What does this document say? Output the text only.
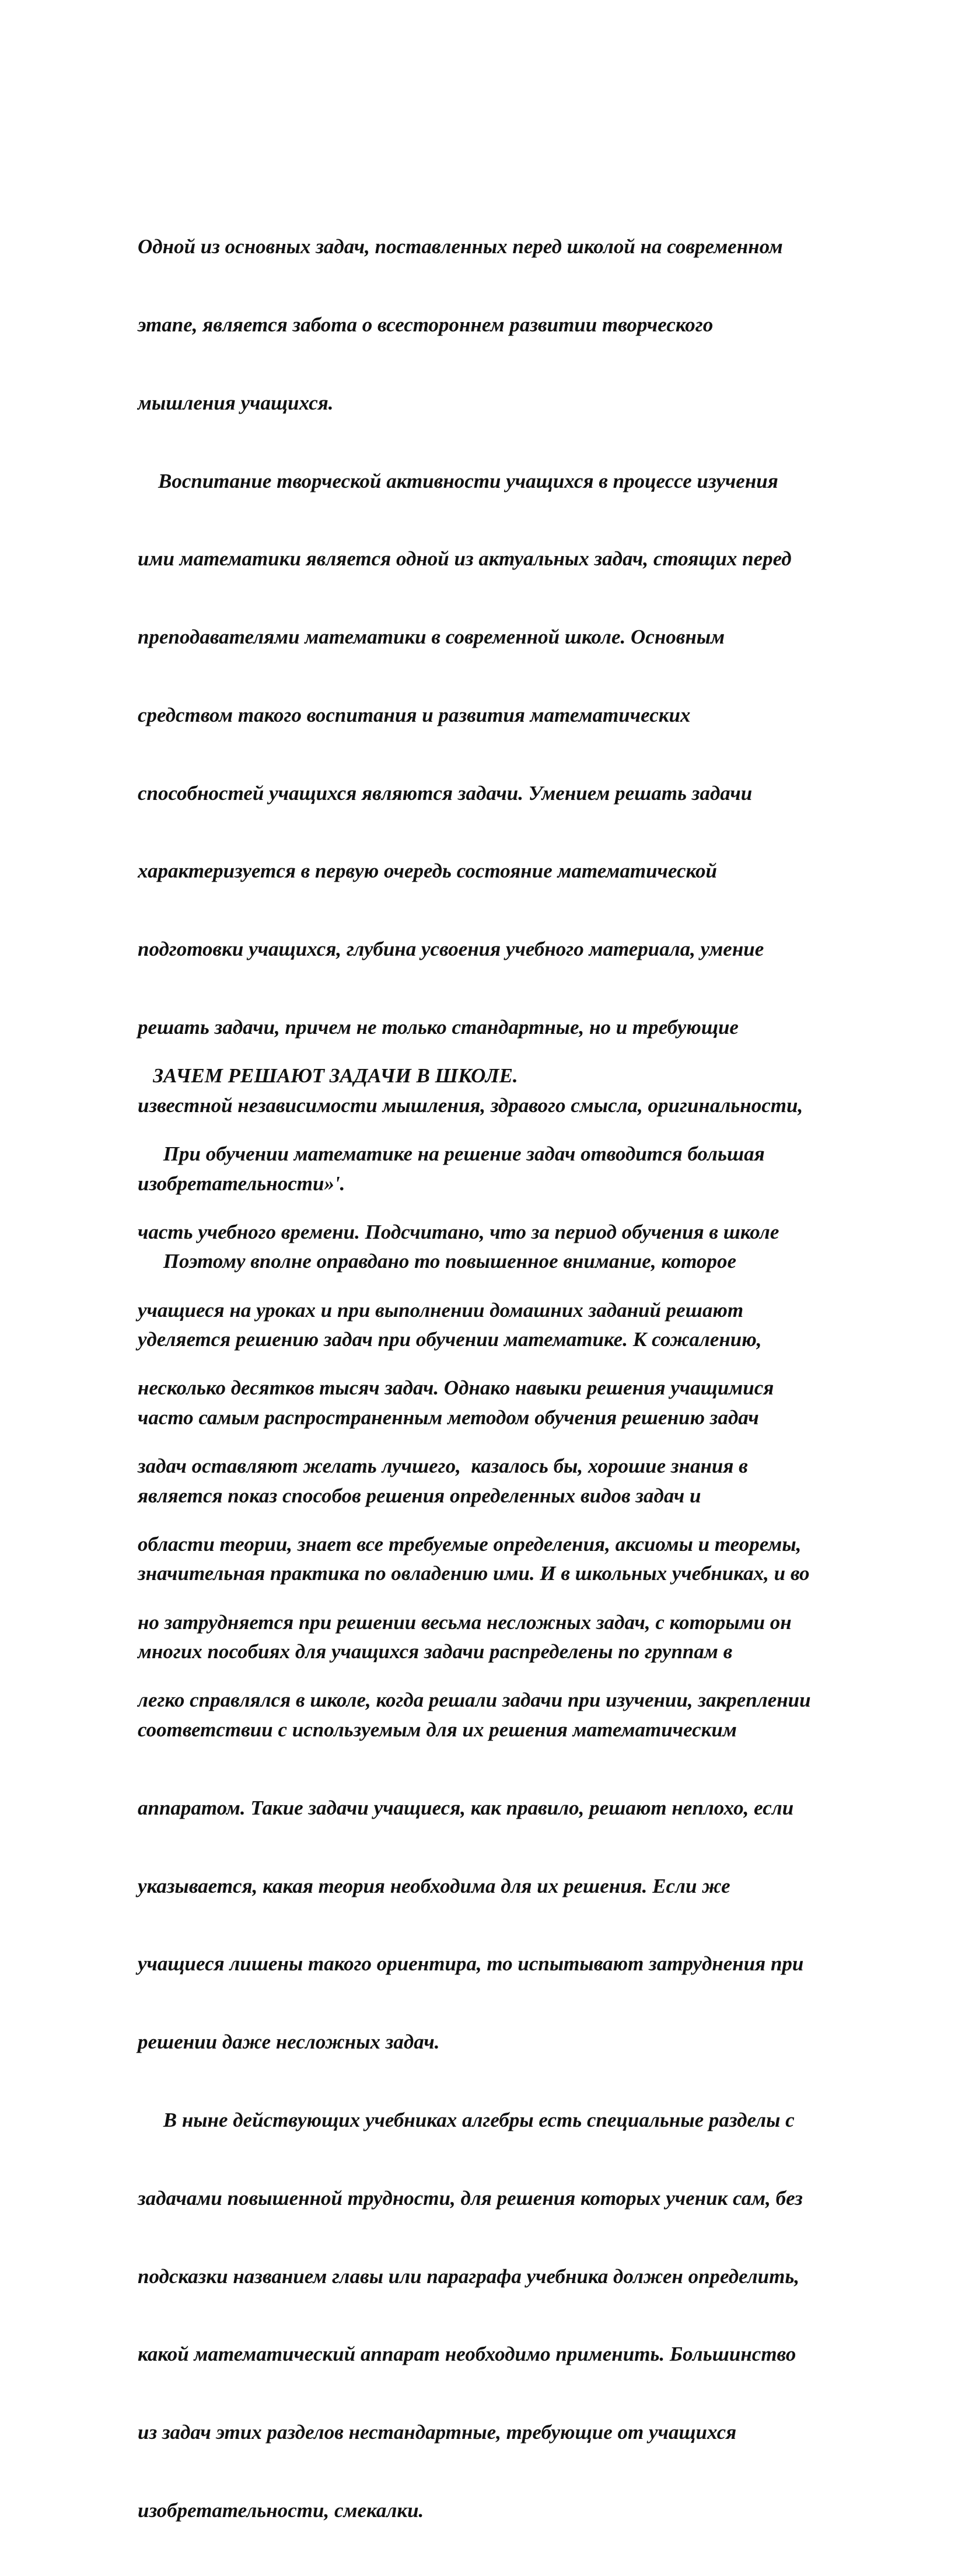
Одной из основных задач, поставленных перед школой на современном

этапе, является забота о всестороннем развитии творческого

мышления учащихся.

Воспитание творческой активности учащихся в процессе изучения

ими математики является одной из актуальных задач, стоящих перед

преподавателями математики в современной школе. Основным

средством такого воспитания и развития математических

способностей учащихся являются задачи. Умением решать задачи

характеризуется в первую очередь состояние математической

подготовки учащихся, глубина усвоения учебного материала, умение

решать задачи, причем не только стандартные, но и требующие

известной независимости мышления, здравого смысла, оригинальности,

изобретательности»'.

Поэтому вполне оправдано то повышенное внимание, которое

уделяется решению задач при обучении математике. К сожалению,

часто самым распространенным методом обучения решению задач

является показ способов решения определенных видов задач и

значительная практика по овладению ими. И в школьных учебниках, и во

многих пособиях для учащихся задачи распределены по группам в

соответствии с используемым для их решения математическим

аппаратом. Такие задачи учащиеся, как правило, решают неплохо, если

указывается, какая теория необходима для их решения. Если же

учащиеся лишены такого ориентира, то испытывают затруднения при

решении даже несложных задач.

В ныне действующих учебниках алгебры есть специальные разделы с

задачами повышенной трудности, для решения которых ученик сам, без

подсказки названием главы или параграфа учебника должен определить,

какой математический аппарат необходимо применить. Большинство

из задач этих разделов нестандартные, требующие от учащихся

изобретательности, смекалки.

ЗАЧЕМ РЕШАЮТ ЗАДАЧИ В ШКОЛЕ.

При обучении математике на решение задач отводится большая

часть учебного времени. Подсчитано, что за период обучения в школе

учащиеся на уроках и при выполнении домашних заданий решают

несколько десятков тысяч задач. Однако навыки решения учащимися

задач оставляют желать лучшего,  казалось бы, хорошие знания в

области теории, знает все требуемые определения, аксиомы и теоремы,

но затрудняется при решении весьма несложных задач, с которыми он

легко справлялся в школе, когда решали задачи при изучении, закреплении
